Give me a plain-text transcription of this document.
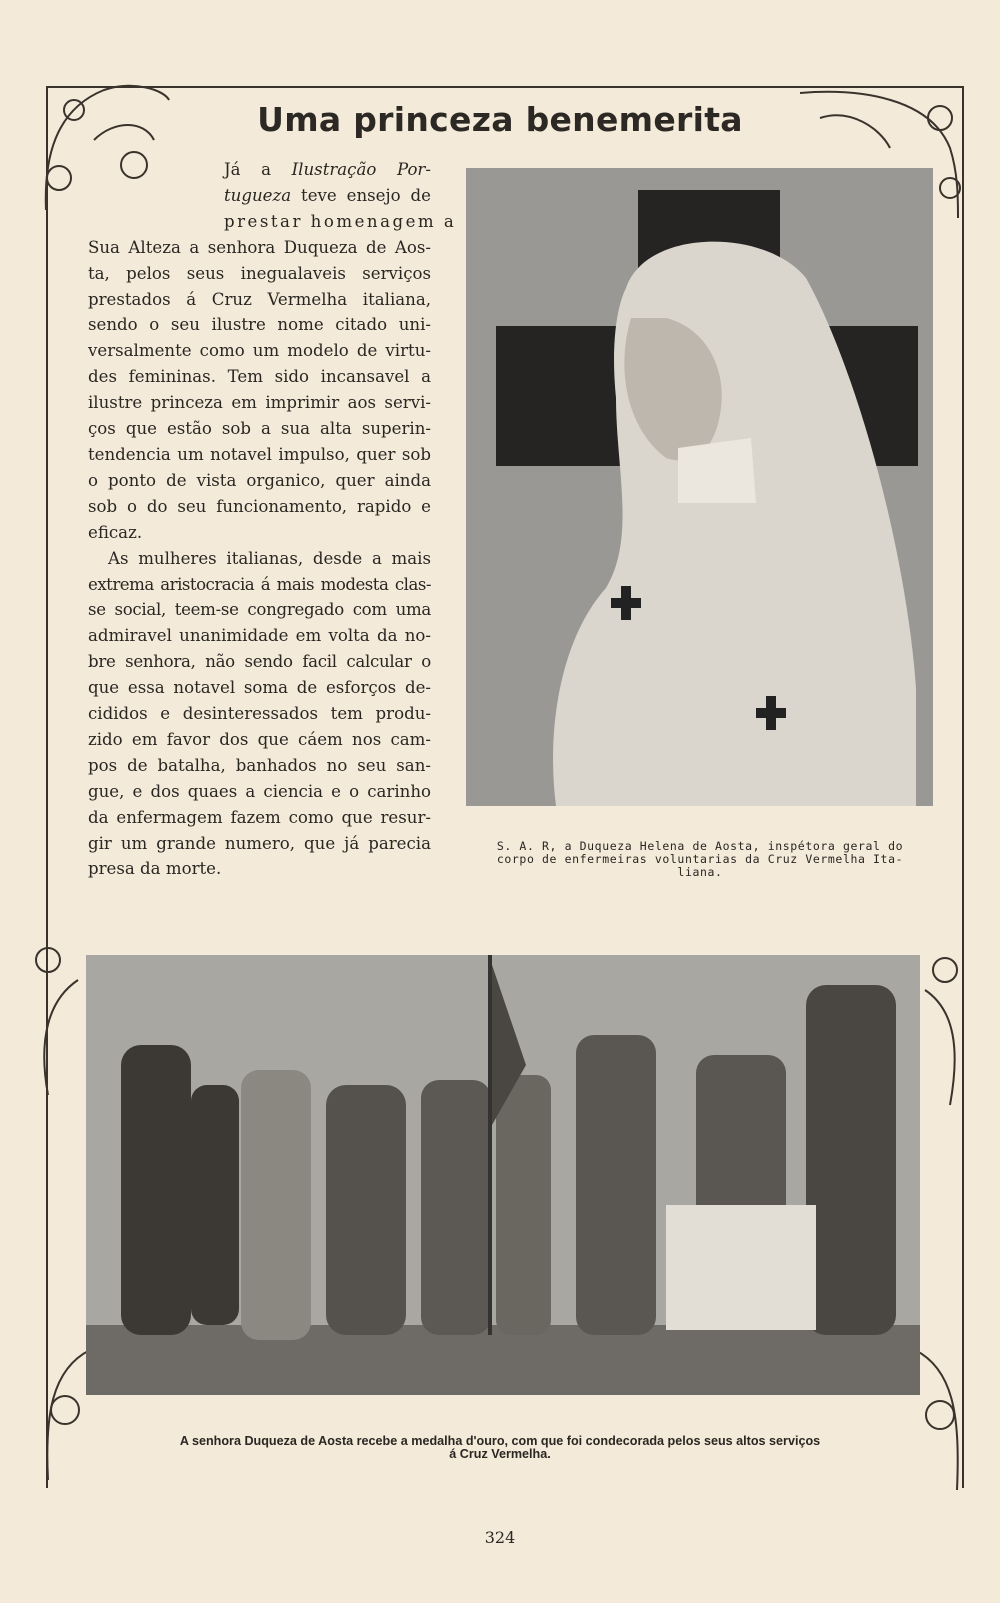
Uma princeza benemerita
Já a Ilustração Por-
tugueza teve ensejo de
prestar homenagem a
Sua Alteza a senhora Duqueza de Aos-
ta, pelos seus inegualaveis serviços
prestados á Cruz Vermelha italiana,
sendo o seu ilustre nome citado uni-
versalmente como um modelo de virtu-
des femininas. Tem sido incansavel a
ilustre princeza em imprimir aos servi-
ços que estão sob a sua alta superin-
tendencia um notavel impulso, quer sob
o ponto de vista organico, quer ainda
sob o do seu funcionamento, rapido e
eficaz.
As mulheres italianas, desde a mais
extrema aristocracia á mais modesta clas-
se social, teem-se congregado com uma
admiravel unanimidade em volta da no-
bre senhora, não sendo facil calcular o
que essa notavel soma de esforços de-
cididos e desinteressados tem produ-
zido em favor dos que cáem nos cam-
pos de batalha, banhados no seu san-
gue, e dos quaes a ciencia e o carinho
da enfermagem fazem como que resur-
gir um grande numero, que já parecia
presa da morte.
S. A. R, a Duqueza Helena de Aosta, inspétora geral do
corpo de enfermeiras voluntarias da Cruz Vermelha Ita-
liana.
A senhora Duqueza de Aosta recebe a medalha d'ouro, com que foi condecorada pelos seus altos serviços
á Cruz Vermelha.
324
